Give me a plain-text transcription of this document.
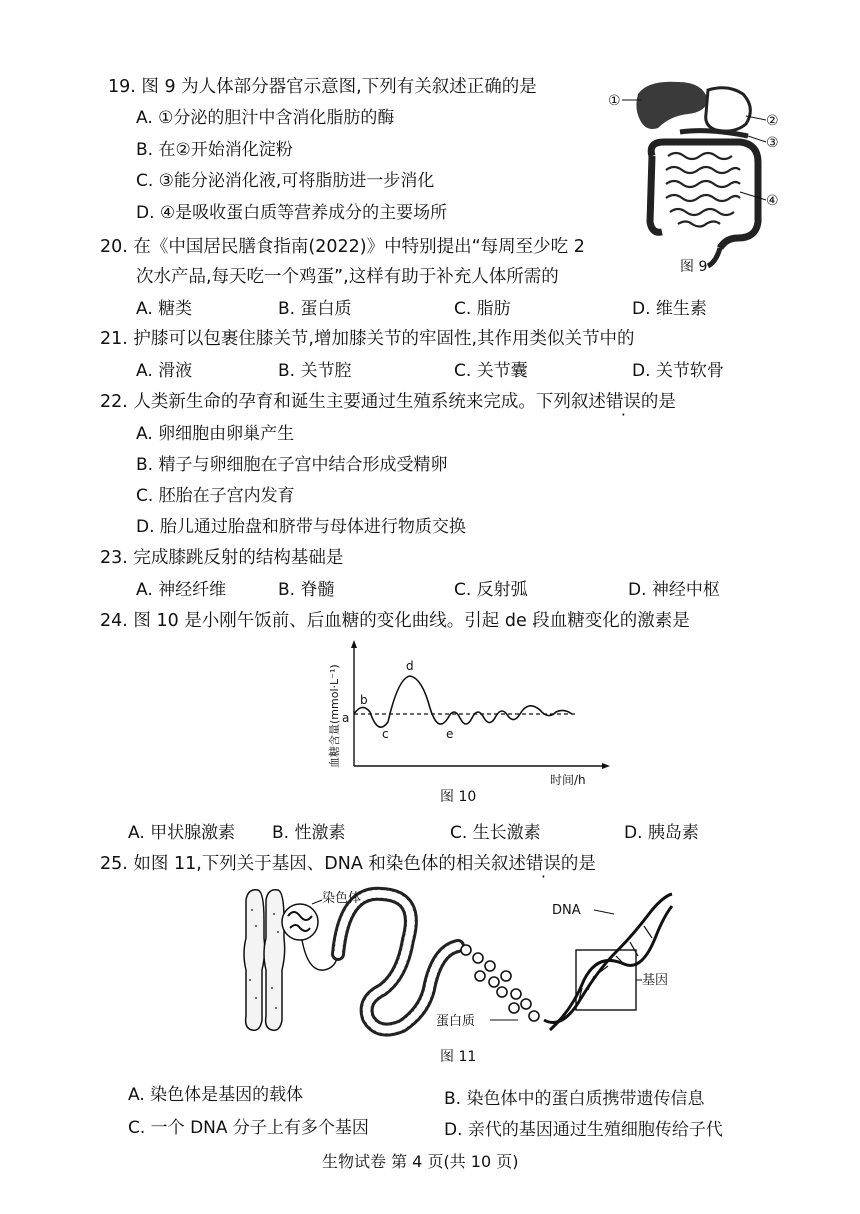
19. 图 9 为人体部分器官示意图,下列有关叙述正确的是
A. ①分泌的胆汁中含消化脂肪的酶
B. 在②开始消化淀粉
C. ③能分泌消化液,可将脂肪进一步消化
D. ④是吸收蛋白质等营养成分的主要场所
①
②
③
④
图 9
20. 在《中国居民膳食指南(2022)》中特别提出“每周至少吃 2
次水产品,每天吃一个鸡蛋”,这样有助于补充人体所需的
A. 糖类	B. 蛋白质	C. 脂肪	D. 维生素
21. 护膝可以包裹住膝关节,增加膝关节的牢固性,其作用类似关节中的
A. 滑液	B. 关节腔	C. 关节囊	D. 关节软骨
22. 人类新生命的孕育和诞生主要通过生殖系统来完成。下列叙述错误的是
A. 卵细胞由卵巢产生
B. 精子与卵细胞在子宫中结合形成受精卵
C. 胚胎在子宫内发育
D. 胎儿通过胎盘和脐带与母体进行物质交换
23. 完成膝跳反射的结构基础是
A. 神经纤维	B. 脊髓	C. 反射弧	D. 神经中枢
24. 图 10 是小刚午饭前、后血糖的变化曲线。引起 de 段血糖变化的激素是
a
b
c
d
e
时间/h
血糖含量(mmol·L⁻¹)
图 10
A. 甲状腺激素 B. 性激素	C. 生长激素	D. 胰岛素
25. 如图 11,下列关于基因、DNA 和染色体的相关叙述错误的是
染色体
DNA
基因
蛋白质
图 11
A. 染色体是基因的载体	B. 染色体中的蛋白质携带遗传信息
C. 一个 DNA 分子上有多个基因	D. 亲代的基因通过生殖细胞传给子代
生物试卷 第 4 页(共 10 页)
